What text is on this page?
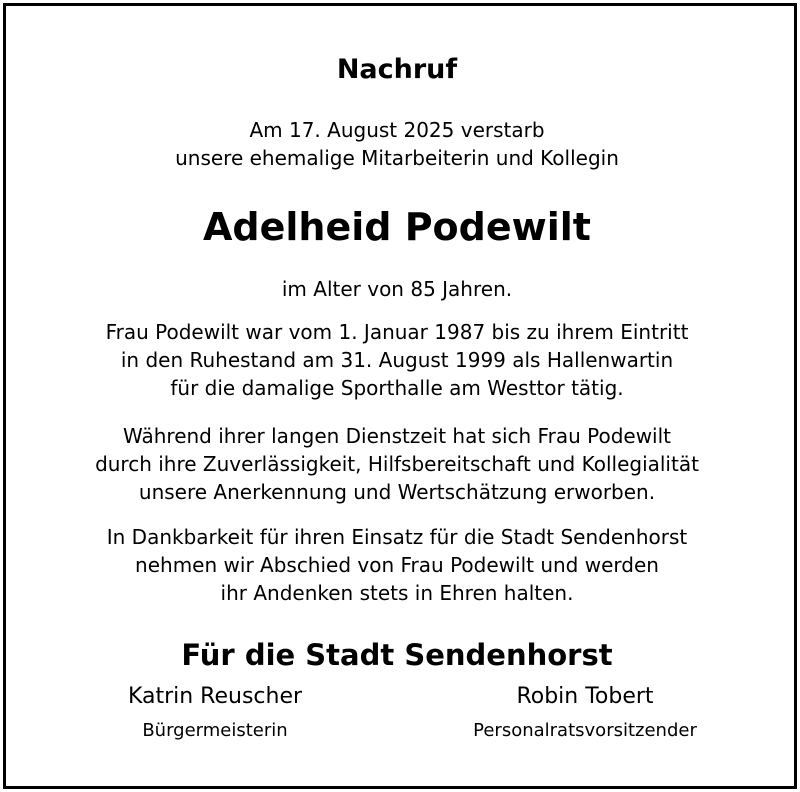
Nachruf
Am 17. August 2025 verstarb
unsere ehemalige Mitarbeiterin und Kollegin
Adelheid Podewilt
im Alter von 85 Jahren.
Frau Podewilt war vom 1. Januar 1987 bis zu ihrem Eintritt
in den Ruhestand am 31. August 1999 als Hallenwartin
für die damalige Sporthalle am Westtor tätig.
Während ihrer langen Dienstzeit hat sich Frau Podewilt
durch ihre Zuverlässigkeit, Hilfsbereitschaft und Kollegialität
unsere Anerkennung und Wertschätzung erworben.
In Dankbarkeit für ihren Einsatz für die Stadt Sendenhorst
nehmen wir Abschied von Frau Podewilt und werden
ihr Andenken stets in Ehren halten.
Für die Stadt Sendenhorst
Katrin Reuscher
Bürgermeisterin
Robin Tobert
Personalratsvorsitzender
